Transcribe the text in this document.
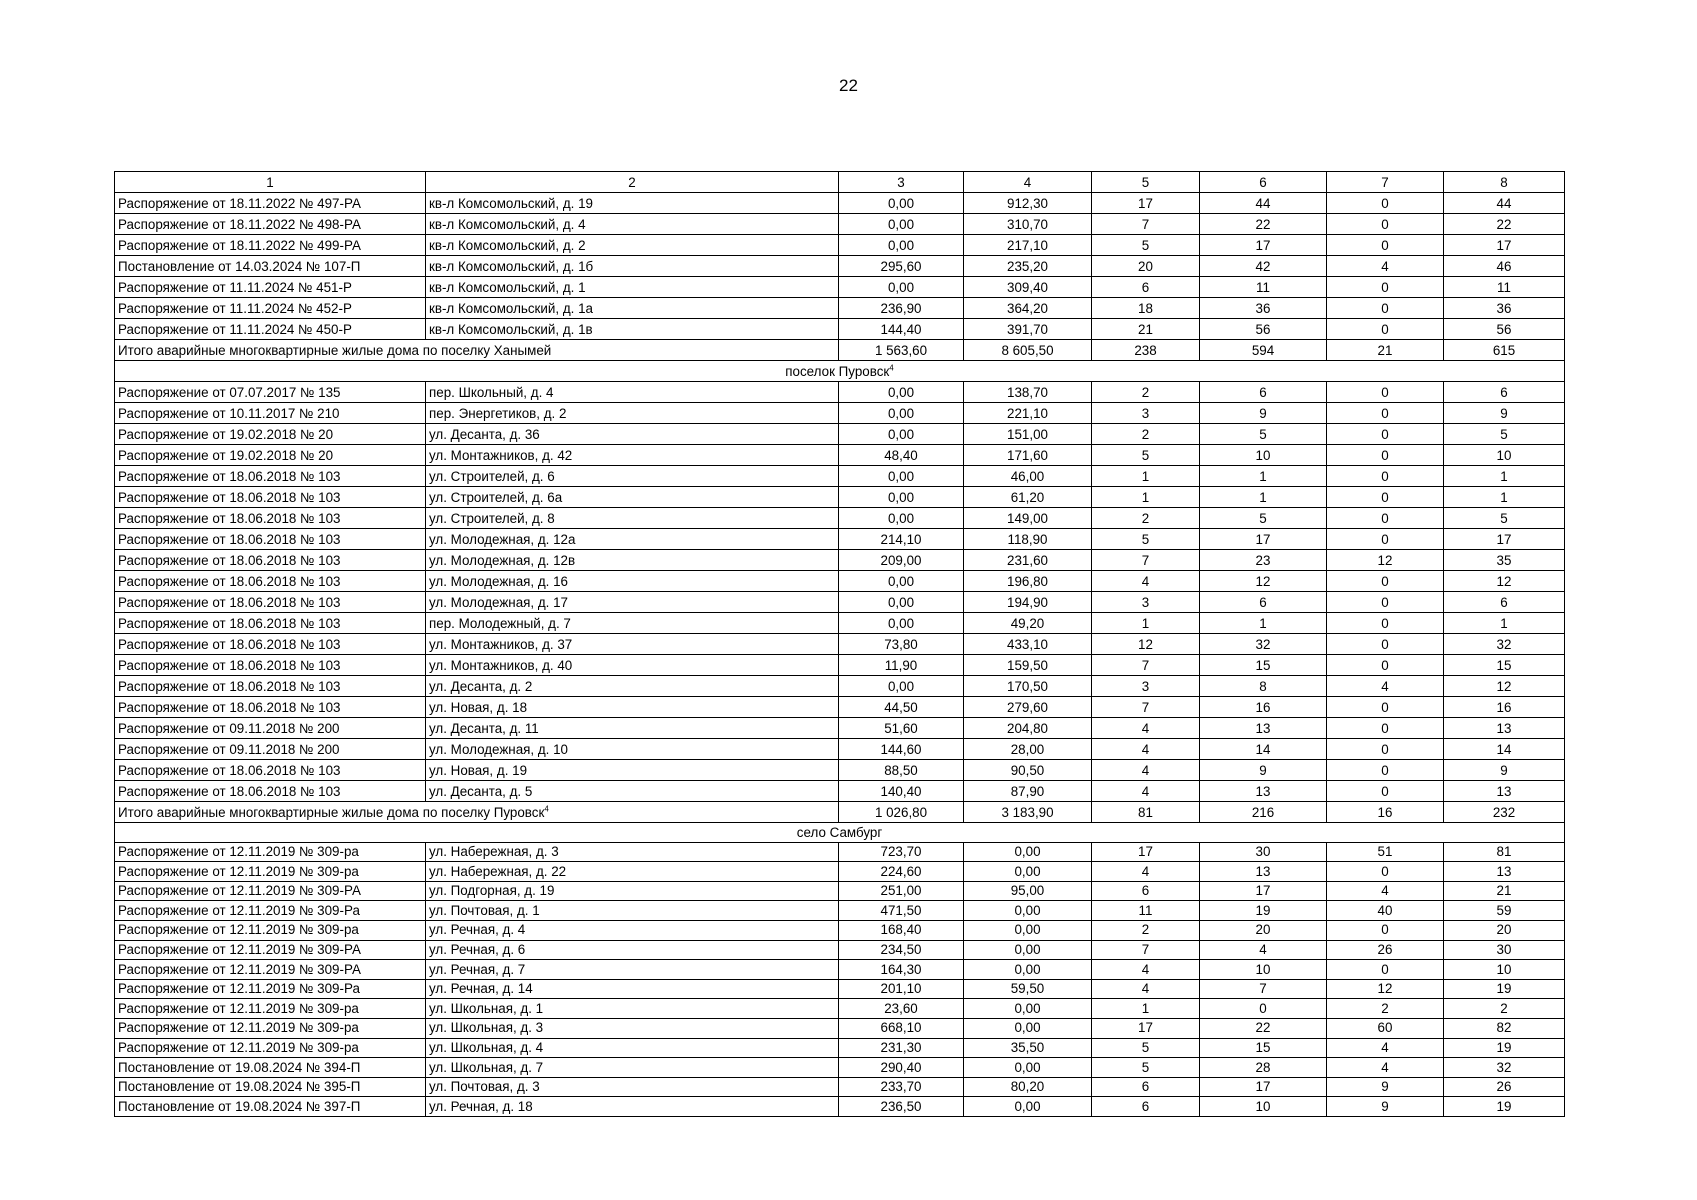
22
1	2	3	4	5	6	7	8
Распоряжение от 18.11.2022 № 497-РА	кв-л Комсомольский, д. 19	0,00	912,30	17	44	0	44
Распоряжение от 18.11.2022 № 498-РА	кв-л Комсомольский, д. 4	0,00	310,70	7	22	0	22
Распоряжение от 18.11.2022 № 499-РА	кв-л Комсомольский, д. 2	0,00	217,10	5	17	0	17
Постановление от 14.03.2024 № 107-П	кв-л Комсомольский, д. 1б	295,60	235,20	20	42	4	46
Распоряжение от 11.11.2024 № 451-Р	кв-л Комсомольский, д. 1	0,00	309,40	6	11	0	11
Распоряжение от 11.11.2024 № 452-Р	кв-л Комсомольский, д. 1а	236,90	364,20	18	36	0	36
Распоряжение от 11.11.2024 № 450-Р	кв-л Комсомольский, д. 1в	144,40	391,70	21	56	0	56
Итого аварийные многоквартирные жилые дома по поселку Ханымей		1 563,60	8 605,50	238	594	21	615
поселок Пуровск$^4$
Распоряжение от 07.07.2017 № 135	пер. Школьный, д. 4	0,00	138,70	2	6	0	6
Распоряжение от 10.11.2017 № 210	пер. Энергетиков, д. 2	0,00	221,10	3	9	0	9
Распоряжение от 19.02.2018 № 20	ул. Десанта, д. 36	0,00	151,00	2	5	0	5
Распоряжение от 19.02.2018 № 20	ул. Монтажников, д. 42	48,40	171,60	5	10	0	10
Распоряжение от 18.06.2018 № 103	ул. Строителей, д. 6	0,00	46,00	1	1	0	1
Распоряжение от 18.06.2018 № 103	ул. Строителей, д. 6а	0,00	61,20	1	1	0	1
Распоряжение от 18.06.2018 № 103	ул. Строителей, д. 8	0,00	149,00	2	5	0	5
Распоряжение от 18.06.2018 № 103	ул. Молодежная, д. 12а	214,10	118,90	5	17	0	17
Распоряжение от 18.06.2018 № 103	ул. Молодежная, д. 12в	209,00	231,60	7	23	12	35
Распоряжение от 18.06.2018 № 103	ул. Молодежная, д. 16	0,00	196,80	4	12	0	12
Распоряжение от 18.06.2018 № 103	ул. Молодежная, д. 17	0,00	194,90	3	6	0	6
Распоряжение от 18.06.2018 № 103	пер. Молодежный, д. 7	0,00	49,20	1	1	0	1
Распоряжение от 18.06.2018 № 103	ул. Монтажников, д. 37	73,80	433,10	12	32	0	32
Распоряжение от 18.06.2018 № 103	ул. Монтажников, д. 40	11,90	159,50	7	15	0	15
Распоряжение от 18.06.2018 № 103	ул. Десанта, д. 2	0,00	170,50	3	8	4	12
Распоряжение от 18.06.2018 № 103	ул. Новая, д. 18	44,50	279,60	7	16	0	16
Распоряжение от 09.11.2018 № 200	ул. Десанта, д. 11	51,60	204,80	4	13	0	13
Распоряжение от 09.11.2018 № 200	ул. Молодежная, д. 10	144,60	28,00	4	14	0	14
Распоряжение от 18.06.2018 № 103	ул. Новая, д. 19	88,50	90,50	4	9	0	9
Распоряжение от 18.06.2018 № 103	ул. Десанта, д. 5	140,40	87,90	4	13	0	13
Итого аварийные многоквартирные жилые дома по поселку Пуровск$^4$		1 026,80	3 183,90	81	216	16	232
село Самбург							
Распоряжение от 12.11.2019 № 309-ра	ул. Набережная, д. 3	723,70	0,00	17	30	51	81
Распоряжение от 12.11.2019 № 309-ра	ул. Набережная, д. 22	224,60	0,00	4	13	0	13
Распоряжение от 12.11.2019 № 309-РА	ул. Подгорная, д. 19	251,00	95,00	6	17	4	21
Распоряжение от 12.11.2019 № 309-Ра	ул. Почтовая, д. 1	471,50	0,00	11	19	40	59
Распоряжение от 12.11.2019 № 309-ра	ул. Речная, д. 4	168,40	0,00	2	20	0	20
Распоряжение от 12.11.2019 № 309-РА	ул. Речная, д. 6	234,50	0,00	7	4	26	30
Распоряжение от 12.11.2019 № 309-РА	ул. Речная, д. 7	164,30	0,00	4	10	0	10
Распоряжение от 12.11.2019 № 309-Ра	ул. Речная, д. 14	201,10	59,50	4	7	12	19
Распоряжение от 12.11.2019 № 309-ра	ул. Школьная, д. 1	23,60	0,00	1	0	2	2
Распоряжение от 12.11.2019 № 309-ра	ул. Школьная, д. 3	668,10	0,00	17	22	60	82
Распоряжение от 12.11.2019 № 309-ра	ул. Школьная, д. 4	231,30	35,50	5	15	4	19
Постановление от 19.08.2024 № 394-П	ул. Школьная, д. 7	290,40	0,00	5	28	4	32
Постановление от 19.08.2024 № 395-П	ул. Почтовая, д. 3	233,70	80,20	6	17	9	26
Постановление от 19.08.2024 № 397-П	ул. Речная, д. 18	236,50	0,00	6	10	9	19
